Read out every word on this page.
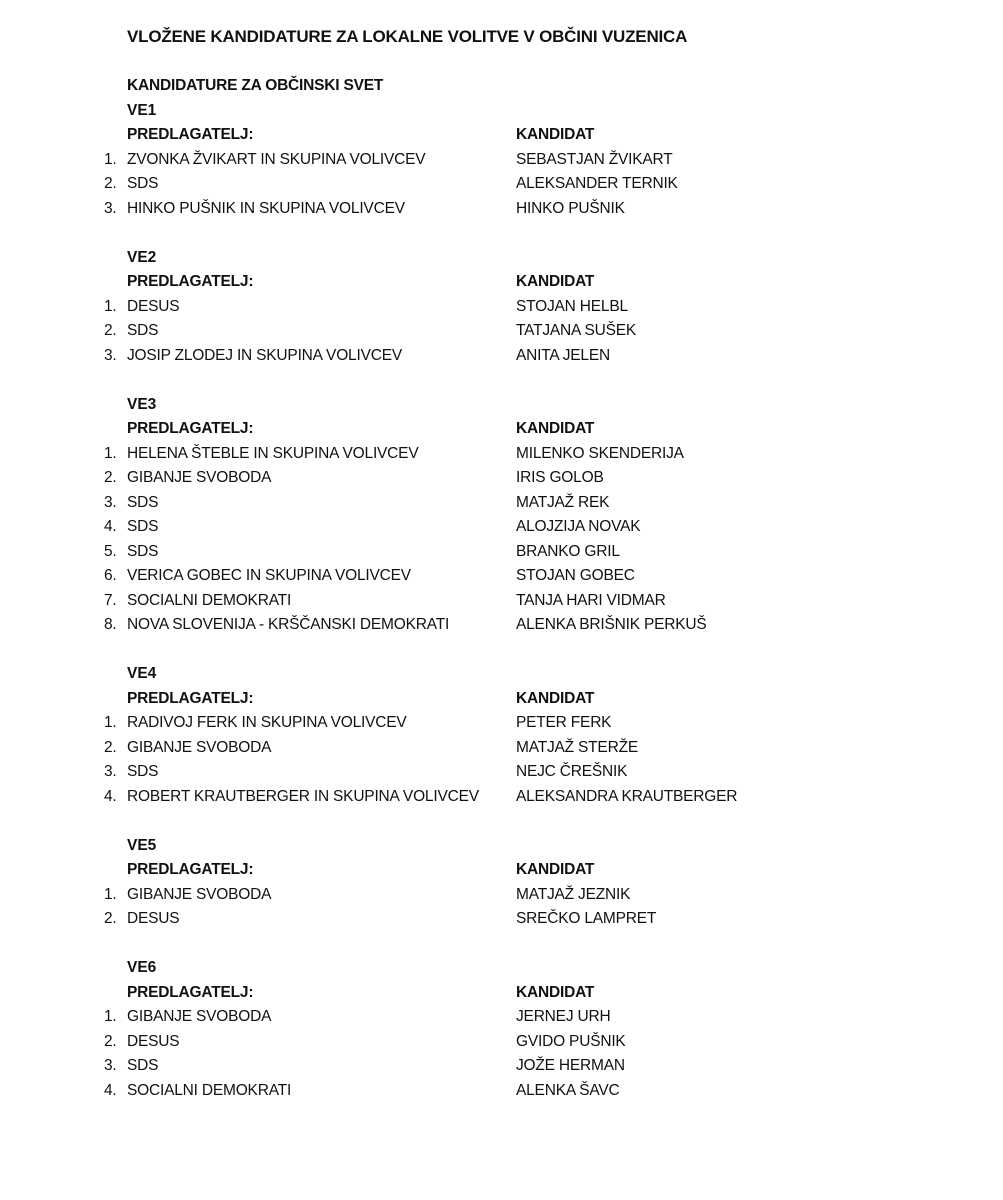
VLOŽENE KANDIDATURE ZA LOKALNE VOLITVE V OBČINI VUZENICA
KANDIDATURE ZA OBČINSKI SVET
VE1
PREDLAGATELJ:	KANDIDAT
1. ZVONKA ŽVIKART IN SKUPINA VOLIVCEV	SEBASTJAN ŽVIKART
2. SDS	ALEKSANDER TERNIK
3. HINKO PUŠNIK IN SKUPINA VOLIVCEV	HINKO PUŠNIK
VE2
PREDLAGATELJ:	KANDIDAT
1. DESUS	STOJAN HELBL
2. SDS	TATJANA SUŠEK
3. JOSIP ZLODEJ IN SKUPINA VOLIVCEV	ANITA JELEN
VE3
PREDLAGATELJ:	KANDIDAT
1. HELENA ŠTEBLE IN SKUPINA VOLIVCEV	MILENKO SKENDERIJA
2. GIBANJE SVOBODA	IRIS GOLOB
3. SDS	MATJAŽ REK
4. SDS	ALOJZIJA NOVAK
5. SDS	BRANKO GRIL
6. VERICA GOBEC IN SKUPINA VOLIVCEV	STOJAN GOBEC
7. SOCIALNI DEMOKRATI	TANJA HARI VIDMAR
8. NOVA SLOVENIJA - KRŠČANSKI DEMOKRATI	ALENKA BRIŠNIK PERKUŠ
VE4
PREDLAGATELJ:	KANDIDAT
1. RADIVOJ FERK IN SKUPINA VOLIVCEV	PETER FERK
2. GIBANJE SVOBODA	MATJAŽ STERŽE
3. SDS	NEJC ČREŠNIK
4. ROBERT KRAUTBERGER IN SKUPINA VOLIVCEV	ALEKSANDRA KRAUTBERGER
VE5
PREDLAGATELJ:	KANDIDAT
1. GIBANJE SVOBODA	MATJAŽ JEZNIK
2. DESUS	SREČKO LAMPRET
VE6
PREDLAGATELJ:	KANDIDAT
1. GIBANJE SVOBODA	JERNEJ URH
2. DESUS	GVIDO PUŠNIK
3. SDS	JOŽE HERMAN
4. SOCIALNI DEMOKRATI	ALENKA ŠAVC
